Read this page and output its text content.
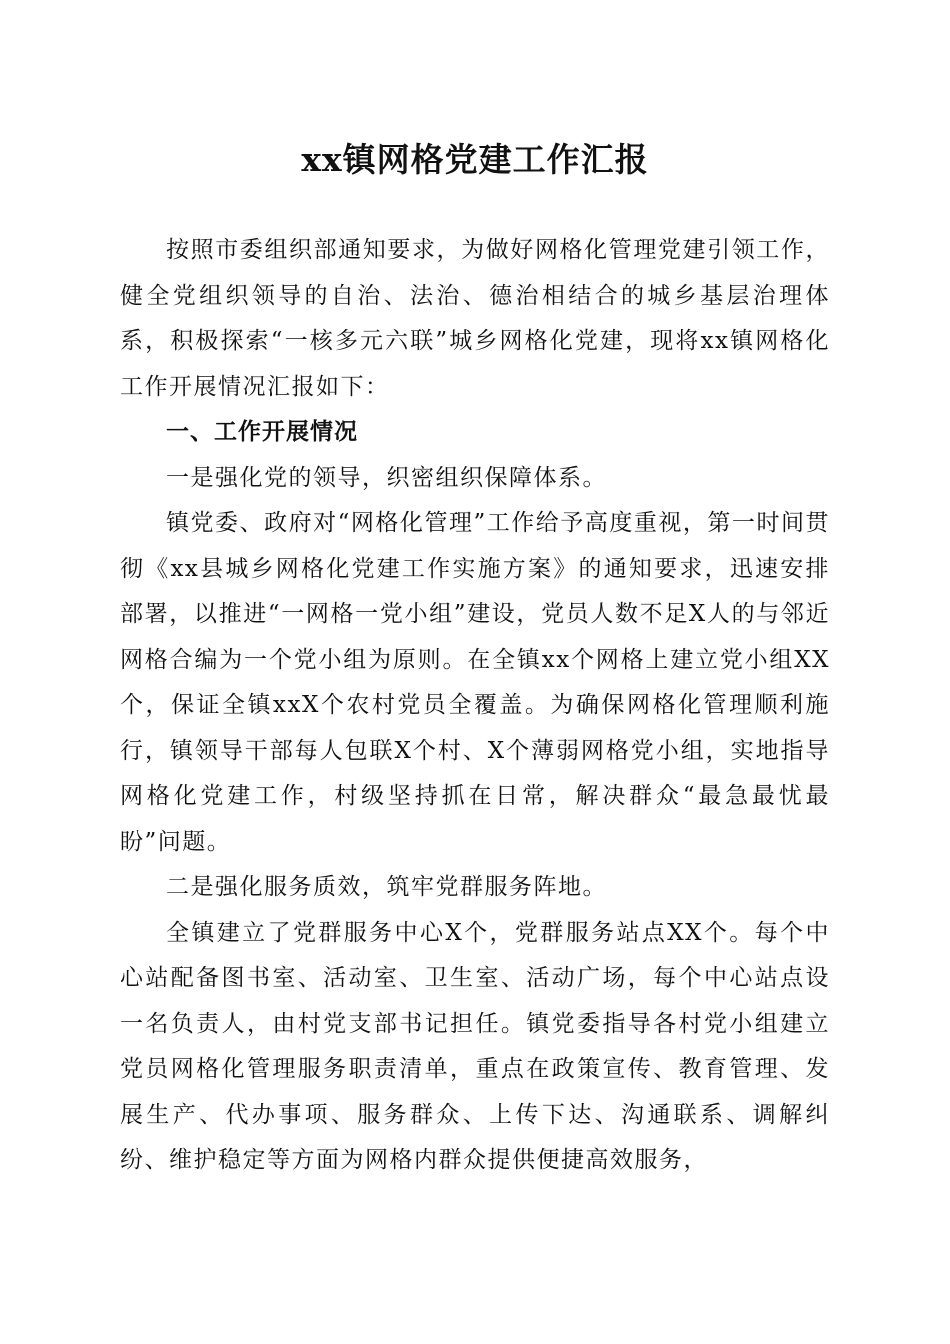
xx镇网格党建工作汇报

按照市委组织部通知要求，为做好网格化管理党建引领工作，健全党组织领导的自治、法治、德治相结合的城乡基层治理体系，积极探索“一核多元六联”城乡网格化党建，现将xx镇网格化工作开展情况汇报如下：

一、工作开展情况

一是强化党的领导，织密组织保障体系。

镇党委、政府对“网格化管理”工作给予高度重视，第一时间贯彻《xx县城乡网格化党建工作实施方案》的通知要求，迅速安排部署，以推进“一网格一党小组”建设，党员人数不足X人的与邻近网格合编为一个党小组为原则。在全镇xx个网格上建立党小组XX个，保证全镇xxX个农村党员全覆盖。为确保网格化管理顺利施行，镇领导干部每人包联X个村、X个薄弱网格党小组，实地指导网格化党建工作，村级坚持抓在日常，解决群众“最急最忧最盼”问题。

二是强化服务质效，筑牢党群服务阵地。

全镇建立了党群服务中心X个，党群服务站点XX个。每个中心站配备图书室、活动室、卫生室、活动广场，每个中心站点设一名负责人，由村党支部书记担任。镇党委指导各村党小组建立党员网格化管理服务职责清单，重点在政策宣传、教育管理、发展生产、代办事项、服务群众、上传下达、沟通联系、调解纠纷、维护稳定等方面为网格内群众提供便捷高效服务，
